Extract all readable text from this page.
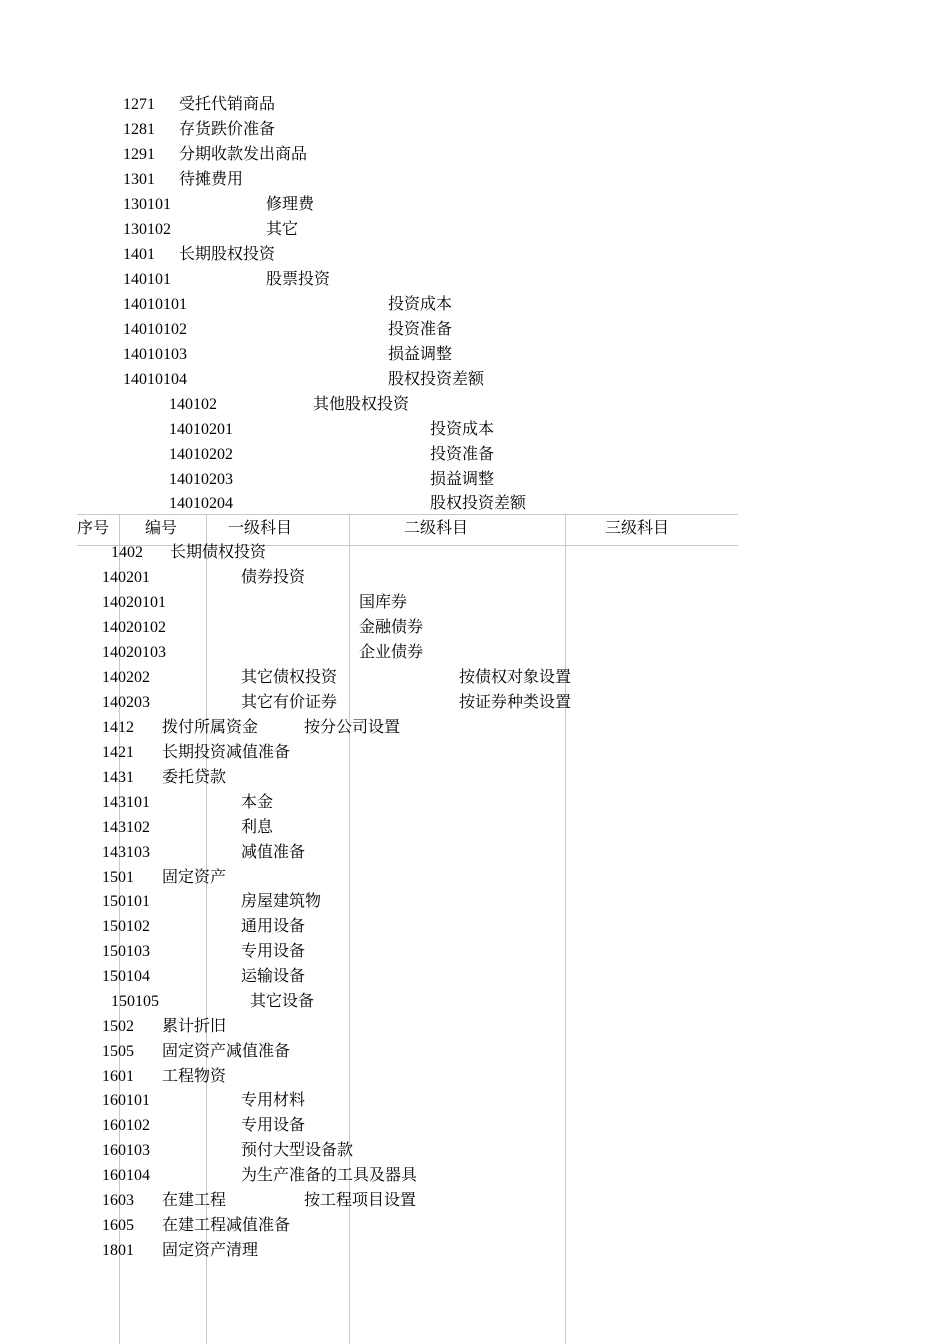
1271 受托代销商品
1281 存货跌价准备
1291 分期收款发出商品
1301 待摊费用
130101	修理费
130102	其它
1401 长期股权投资
140101	股票投资
14010101	投资成本
14010102	投资准备
14010103	损益调整
14010104	股权投资差额
140102	其他股权投资
14010201	投资成本
14010202	投资准备
14010203	损益调整
14010204	股权投资差额
序号 编号	一级科目	二级科目	三级科目
1402 长期债权投资
140201	债券投资
14020101	国库券
14020102	金融债券
14020103	企业债券
140202	其它债权投资	按债权对象设置
140203	其它有价证券	按证券种类设置
1412 拨付所属资金	按分公司设置
1421 长期投资减值准备
1431 委托贷款
143101	本金
143102	利息
143103	减值准备
1501 固定资产
150101	房屋建筑物
150102	通用设备
150103	专用设备
150104	运输设备
150105	其它设备
1502 累计折旧
1505 固定资产减值准备
1601 工程物资
160101	专用材料
160102	专用设备
160103	预付大型设备款
160104	为生产准备的工具及器具
1603 在建工程	按工程项目设置
1605 在建工程减值准备
1801 固定资产清理
